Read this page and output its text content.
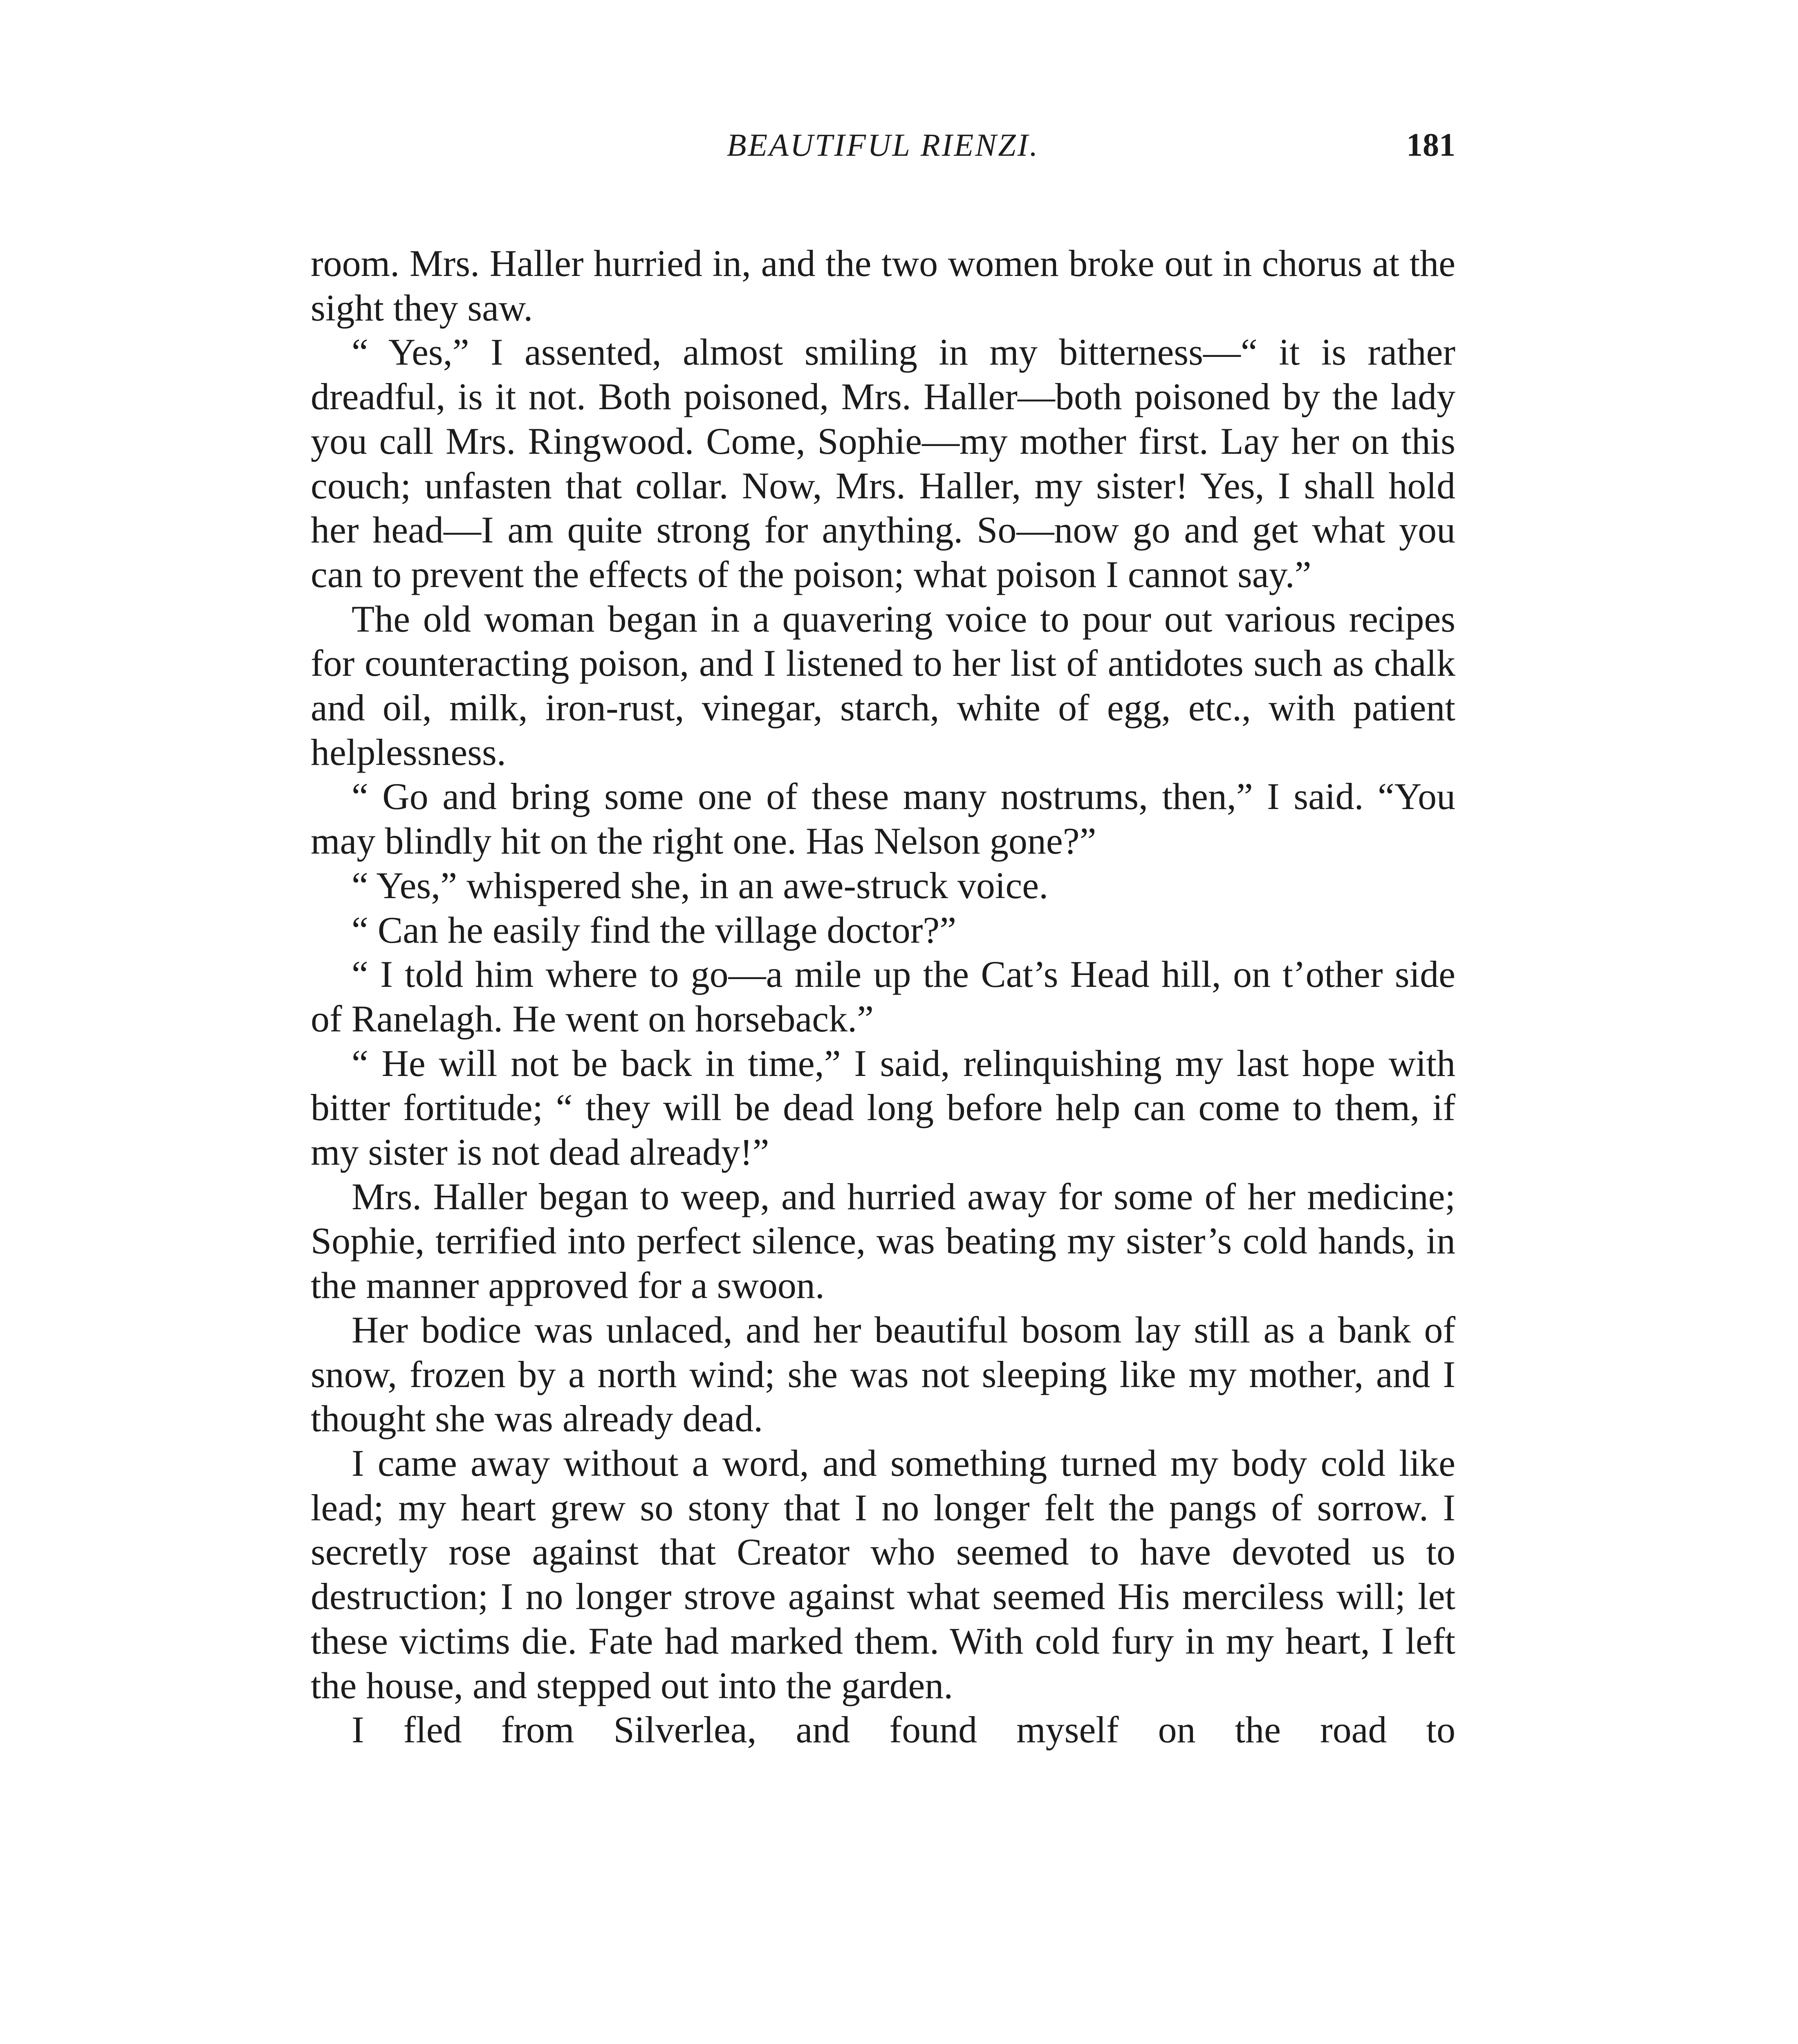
BEAUTIFUL RIENZI.	181

room. Mrs. Haller hurried in, and the two women broke out in chorus at the sight they saw.

“ Yes,” I assented, almost smiling in my bitterness—“ it is rather dreadful, is it not. Both poisoned, Mrs. Haller—both poisoned by the lady you call Mrs. Ringwood. Come, Sophie—my mother first. Lay her on this couch; unfasten that collar. Now, Mrs. Haller, my sister! Yes, I shall hold her head—I am quite strong for anything. So—now go and get what you can to prevent the effects of the poison; what poison I cannot say.”

The old woman began in a quavering voice to pour out various recipes for counteracting poison, and I listened to her list of antidotes such as chalk and oil, milk, iron-rust, vinegar, starch, white of egg, etc., with patient helplessness.

“ Go and bring some one of these many nostrums, then,” I said. “You may blindly hit on the right one. Has Nelson gone?”

“ Yes,” whispered she, in an awe-struck voice.

“ Can he easily find the village doctor?”

“ I told him where to go—a mile up the Cat’s Head hill, on t’other side of Ranelagh. He went on horseback.”

“ He will not be back in time,” I said, relinquishing my last hope with bitter fortitude; “ they will be dead long before help can come to them, if my sister is not dead already!”

Mrs. Haller began to weep, and hurried away for some of her medicine; Sophie, terrified into perfect silence, was beating my sister’s cold hands, in the manner approved for a swoon.

Her bodice was unlaced, and her beautiful bosom lay still as a bank of snow, frozen by a north wind; she was not sleeping like my mother, and I thought she was already dead.

I came away without a word, and something turned my body cold like lead; my heart grew so stony that I no longer felt the pangs of sorrow. I secretly rose against that Creator who seemed to have devoted us to destruction; I no longer strove against what seemed His merciless will; let these victims die. Fate had marked them. With cold fury in my heart, I left the house, and stepped out into the garden.

I fled from Silverlea, and found myself on the road to
